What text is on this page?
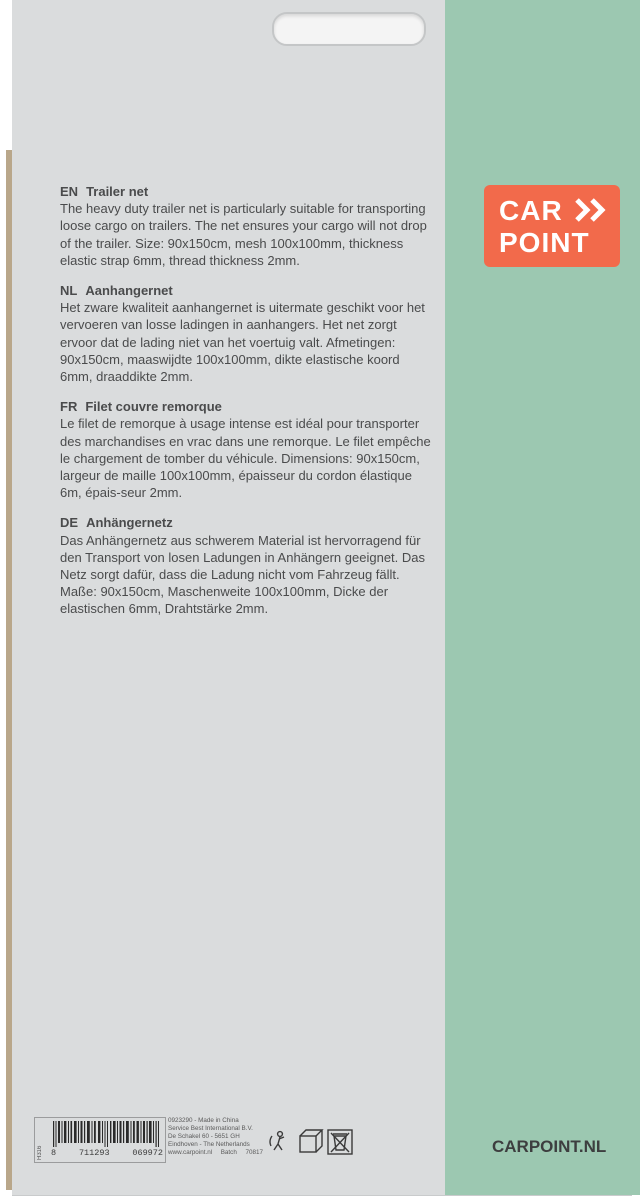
CAR
POINT
CARPOINT.NL
EN Trailer net

The heavy duty trailer net is particularly suitable for transporting loose cargo on trailers. The net ensures your cargo will not drop of the trailer. Size: 90x150cm, mesh 100x100mm, thickness elastic strap 6mm, thread thickness 2mm.

NL Aanhangernet

Het zware kwaliteit aanhangernet is uitermate geschikt voor het vervoeren van losse ladingen in aanhangers. Het net zorgt ervoor dat de lading niet van het voertuig valt. Afmetingen: 90x150cm, maaswijdte 100x100mm, dikte elastische koord 6mm, draaddikte 2mm.

FR Filet couvre remorque

Le filet de remorque à usage intense est idéal pour transporter des marchandises en vrac dans une remorque. Le filet empêche le chargement de tomber du véhicule. Dimensions: 90x150cm, largeur de maille 100x100mm, épaisseur du cordon élastique 6m, épais-seur 2mm.

DE Anhängernetz

Das Anhängernetz aus schwerem Material ist hervorragend für den Transport von losen Ladungen in Anhängern geeignet. Das Netz sorgt dafür, dass die Ladung nicht vom Fahrzeug fällt. Maße: 90x150cm, Maschenweite 100x100mm, Dicke der elastischen 6mm, Drahtstärke 2mm.

H316 8	711293	069972
0923290 - Made in China
Service Best International B.V.
De Schakel 60 - 5651 GH
Eindhoven - The Netherlands
www.carpoint.nl Batch 70817
